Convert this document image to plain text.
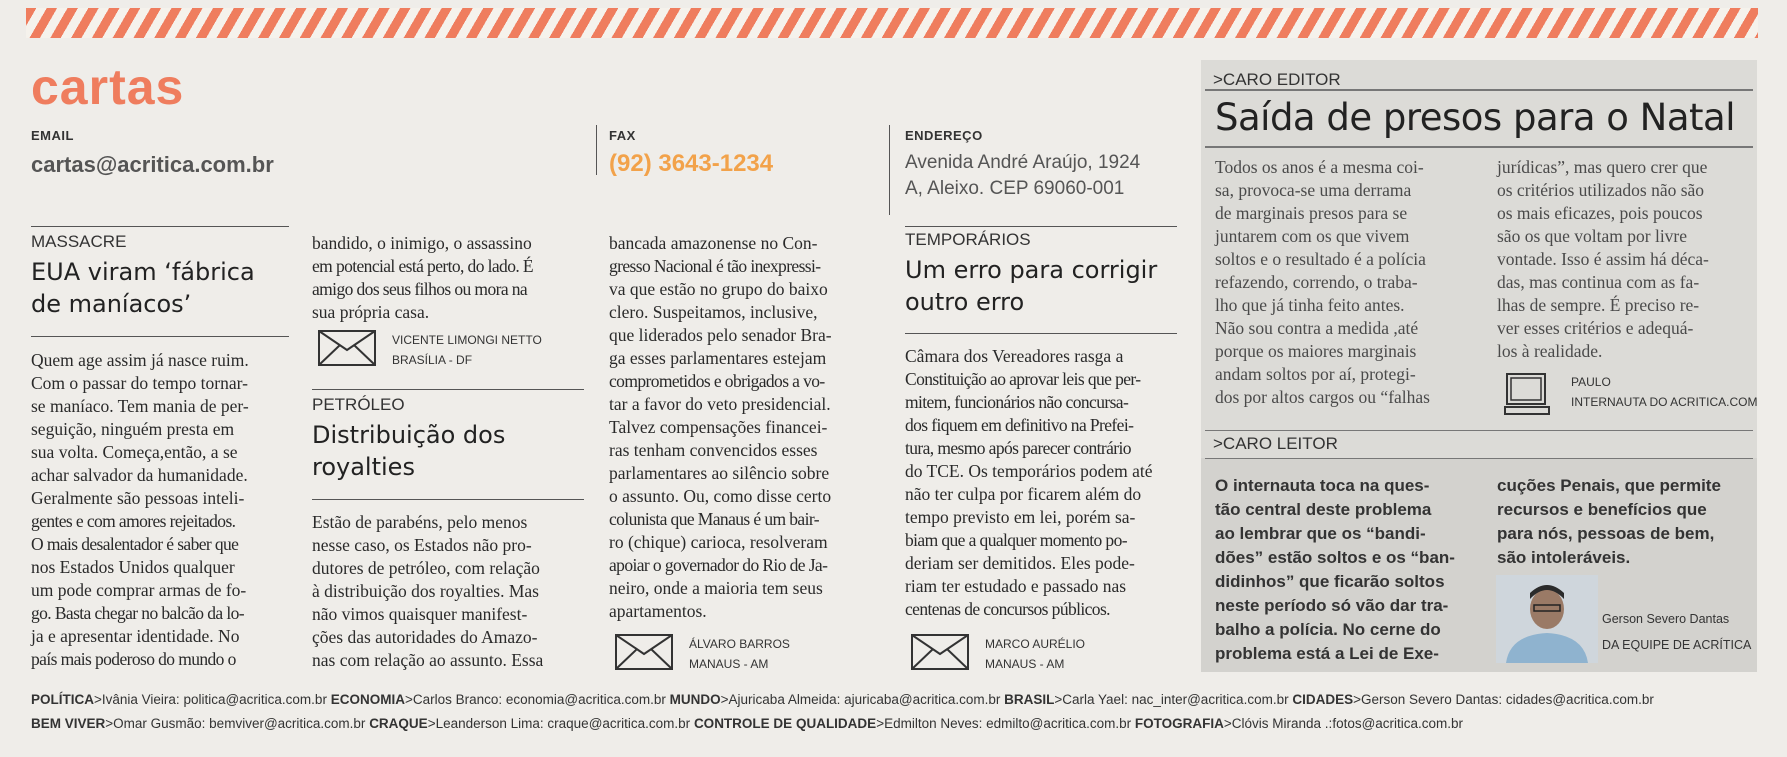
cartas
EMAIL
cartas@acritica.com.br
FAX
(92) 3643-1234
ENDEREÇO
Avenida André Araújo, 1924
A, Aleixo. CEP 69060-001
MASSACRE
EUA viram ‘fábrica
de maníacos’
Quem age assim já nasce ruim.
Com o passar do tempo tornar-
se maníaco. Tem mania de per-
seguição, ninguém presta em
sua volta. Começa,então, a se
achar salvador da humanidade.
Geralmente são pessoas inteli-
gentes e com amores rejeitados.
O mais desalentador é saber que
nos Estados Unidos qualquer
um pode comprar armas de fo-
go. Basta chegar no balcão da lo-
ja e apresentar identidade. No
país mais poderoso do mundo o
bandido, o inimigo, o assassino
em potencial está perto, do lado. É
amigo dos seus filhos ou mora na
sua própria casa.
VICENTE LIMONGI NETTO
BRASÍLIA - DF
PETRÓLEO
Distribuição dos
royalties
Estão de parabéns, pelo menos
nesse caso, os Estados não pro-
dutores de petróleo, com relação
à distribuição dos royalties. Mas
não vimos quaisquer manifest-
ções das autoridades do Amazo-
nas com relação ao assunto. Essa
bancada amazonense no Con-
gresso Nacional é tão inexpressi-
va que estão no grupo do baixo
clero. Suspeitamos, inclusive,
que liderados pelo senador Bra-
ga esses parlamentares estejam
comprometidos e obrigados a vo-
tar a favor do veto presidencial.
Talvez compensações financei-
ras tenham convencidos esses
parlamentares ao silêncio sobre
o assunto. Ou, como disse certo
colunista que Manaus é um bair-
ro (chique) carioca, resolveram
apoiar o governador do Rio de Ja-
neiro, onde a maioria tem seus
apartamentos.
ÁLVARO BARROS
MANAUS - AM
TEMPORÁRIOS
Um erro para corrigir
outro erro
Câmara dos Vereadores rasga a
Constituição ao aprovar leis que per-
mitem, funcionários não concursa-
dos fiquem em definitivo na Prefei-
tura, mesmo após parecer contrário
do TCE. Os temporários podem até
não ter culpa por ficarem além do
tempo previsto em lei, porém sa-
biam que a qualquer momento po-
deriam ser demitidos. Eles pode-
riam ter estudado e passado nas
centenas de concursos públicos.
MARCO AURÉLIO
MANAUS - AM
>CARO EDITOR
Saída de presos para o Natal
Todos os anos é a mesma coi-
sa, provoca-se uma derrama
de marginais presos para se
juntarem com os que vivem
soltos e o resultado é a polícia
refazendo, correndo, o traba-
lho que já tinha feito antes.
Não sou contra a medida ,até
porque os maiores marginais
andam soltos por aí, protegi-
dos por altos cargos ou “falhas
jurídicas”, mas quero crer que
os critérios utilizados não são
os mais eficazes, pois poucos
são os que voltam por livre
vontade. Isso é assim há déca-
das, mas continua com as fa-
lhas de sempre. É preciso re-
ver esses critérios e adequá-
los à realidade.
PAULO
INTERNAUTA DO ACRITICA.COM
>CARO LEITOR
O internauta toca na ques-
tão central deste problema
ao lembrar que os “bandi-
dões” estão soltos e os “ban-
didinhos” que ficarão soltos
neste período só vão dar tra-
balho a polícia. No cerne do
problema está a Lei de Exe-
cuções Penais, que permite
recursos e benefícios que
para nós, pessoas de bem,
são intoleráveis.
Gerson Severo Dantas
DA EQUIPE DE ACRÍTICA
POLÍTICA>Ivânia Vieira: politica@acritica.com.br ECONOMIA>Carlos Branco: economia@acritica.com.br MUNDO>Ajuricaba Almeida: ajuricaba@acritica.com.br BRASIL>Carla Yael: nac_inter@acritica.com.br CIDADES>Gerson Severo Dantas: cidades@acritica.com.br
BEM VIVER>Omar Gusmão: bemviver@acritica.com.br CRAQUE>Leanderson Lima: craque@acritica.com.br CONTROLE DE QUALIDADE>Edmilton Neves: edmilto@acritica.com.br FOTOGRAFIA>Clóvis Miranda .:fotos@acritica.com.br
